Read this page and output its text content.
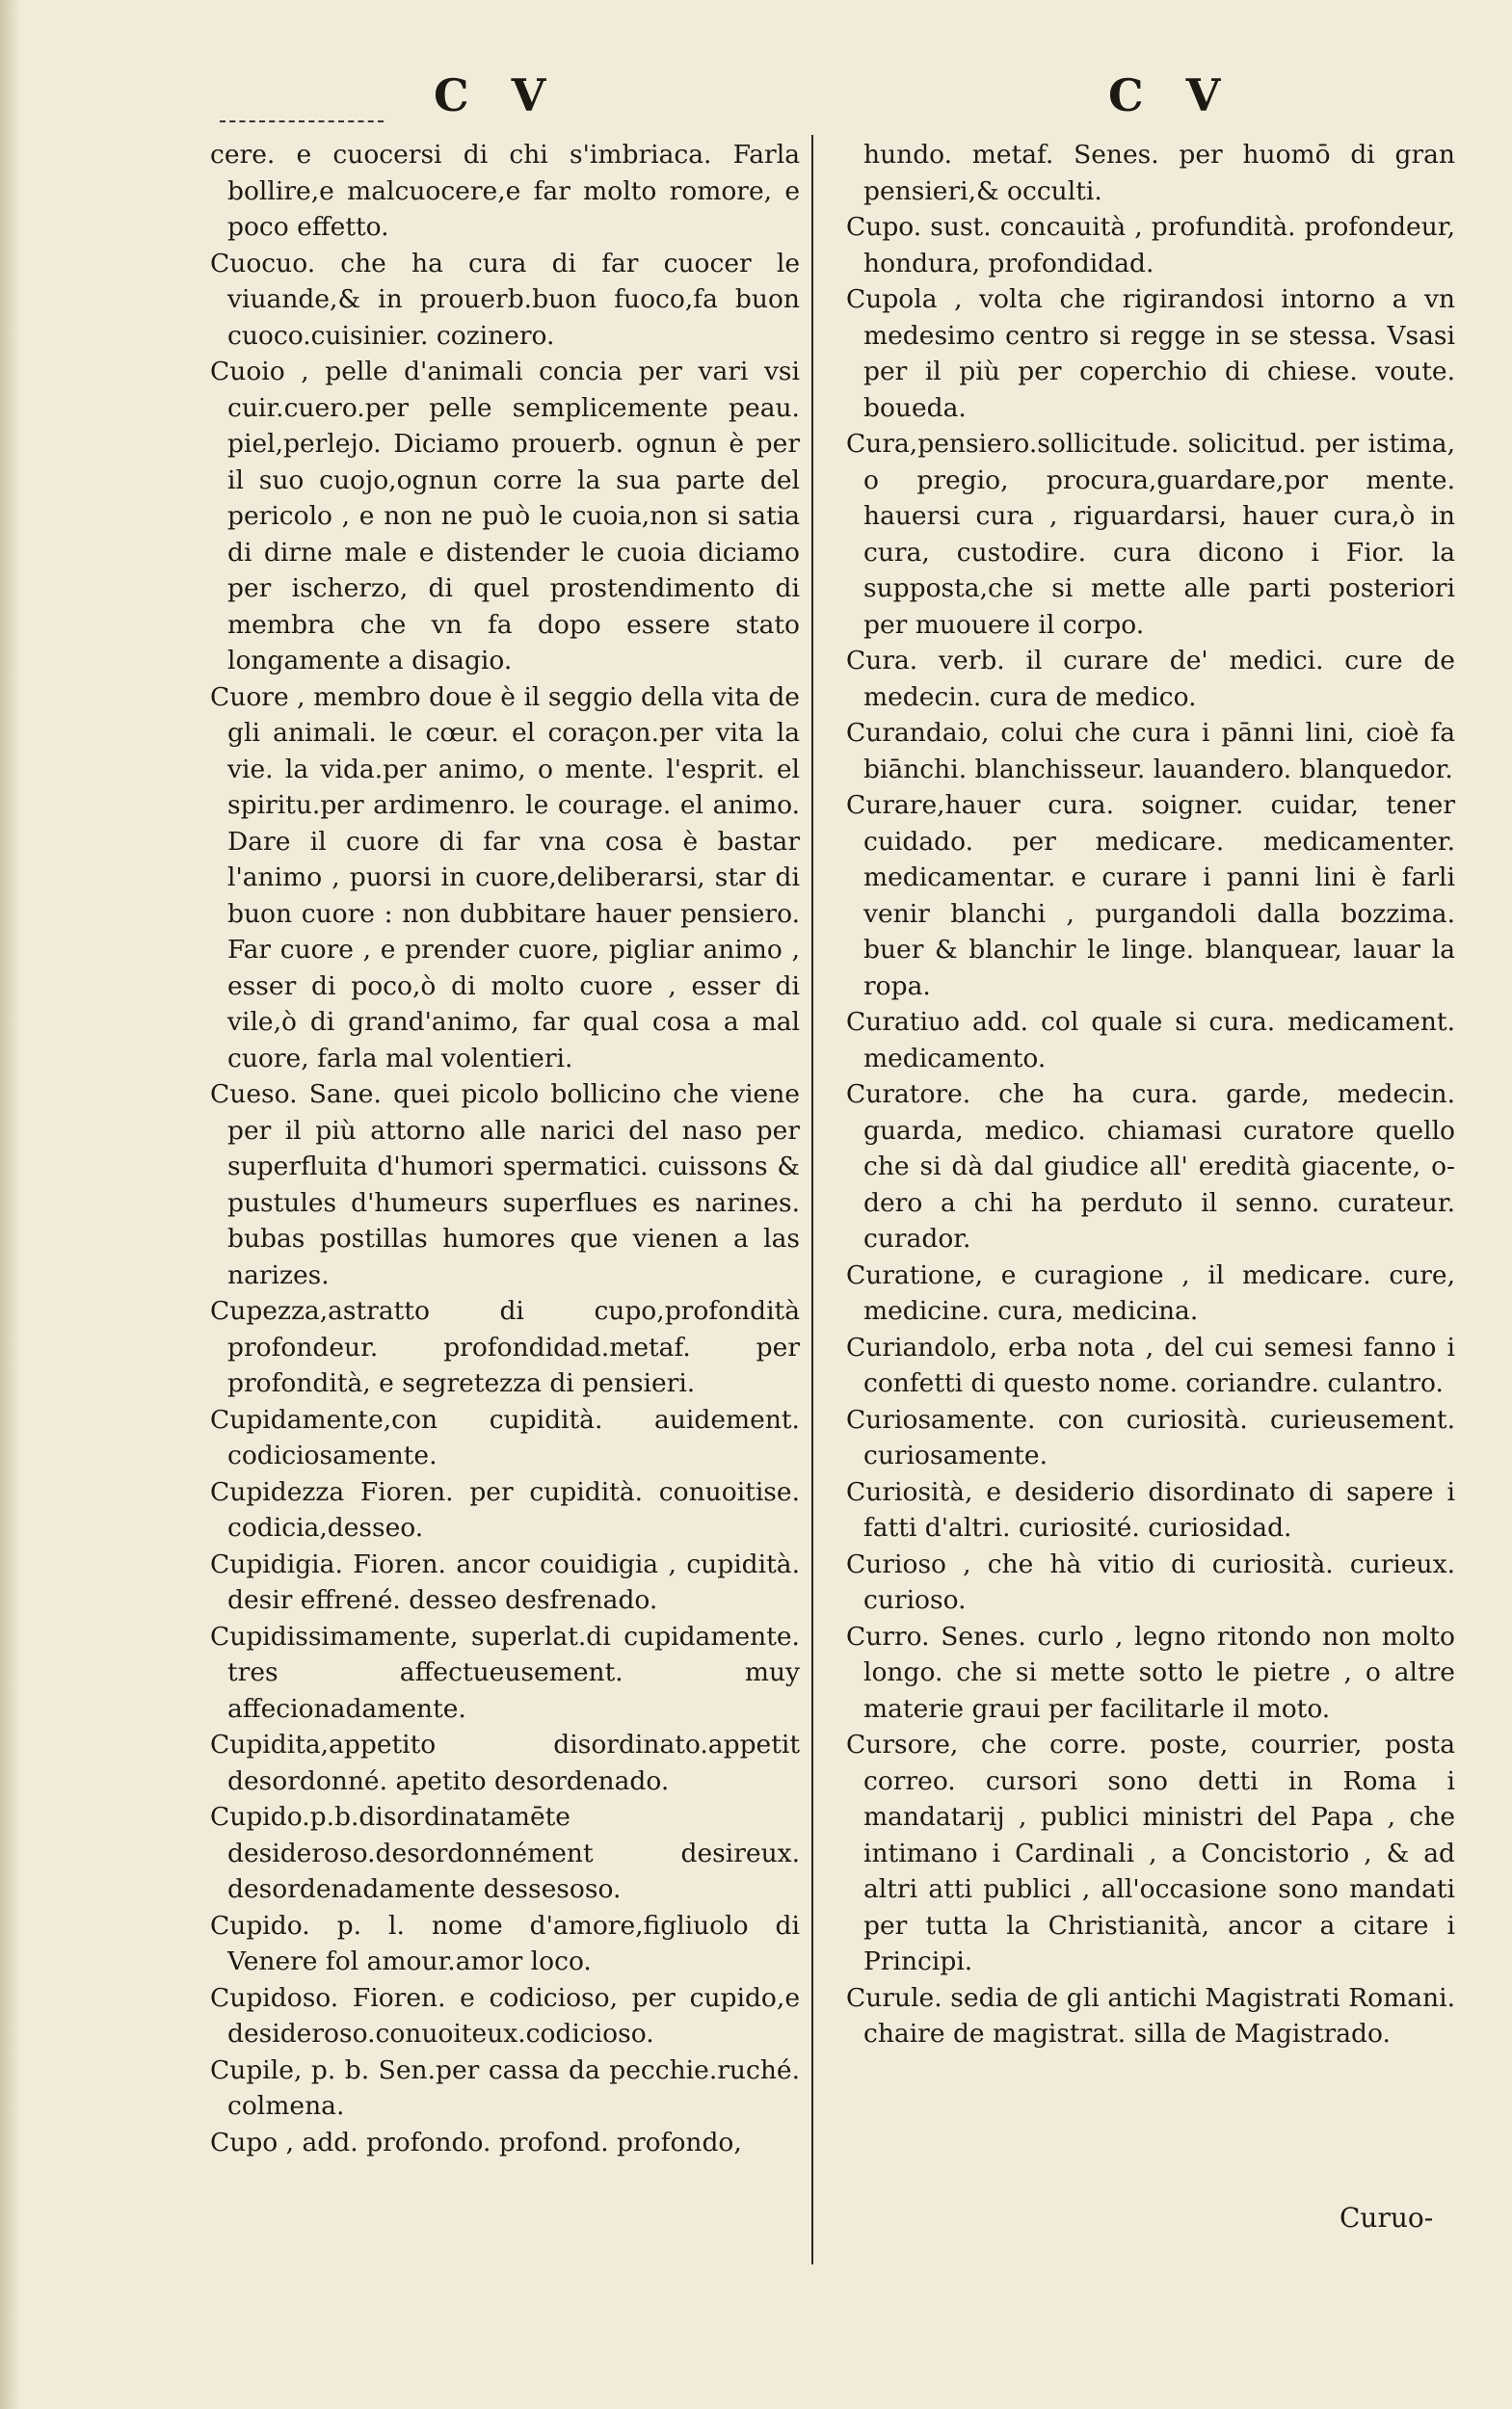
C V	C V

cere. e cuocersi di chi s'imbriaca. Farla bollire,e malcuocere,e far molto romore, e poco effetto.

Cuocuo. che ha cura di far cuocer le viuande,& in prouerb.buon fuoco,fa buon cuoco.cuisinier. cozinero.

Cuoio , pelle d'animali concia per vari vsi cuir.cuero.per pelle semplicemente peau. piel,perlejo. Diciamo prouerb. ognun è per il suo cuojo,ognun corre la sua parte del pericolo , e non ne può le cuoia,non si satia di dirne male e distender le cuoia diciamo per ischerzo, di quel prostendimento di membra che vn fa dopo essere stato longamente a disagio.

Cuore , membro doue è il seggio della vita de gli animali. le cœur. el coraçon.per vita la vie. la vida.per animo, o mente. l'esprit. el spiritu.per ardimenro. le courage. el animo. Dare il cuore di far vna cosa è bastar l'animo , puorsi in cuore,deliberarsi, star di buon cuore : non dubbitare hauer pensiero. Far cuore , e prender cuore, pigliar animo , esser di poco,ò di molto cuore , esser di vile,ò di grand'animo, far qual cosa a mal cuore, farla mal volentieri.

Cueso. Sane. quei picolo bollicino che viene per il più attorno alle narici del naso per superfluita d'humori spermatici. cuissons & pustules d'humeurs superflues es narines. bubas postillas humores que vienen a las narizes.

Cupezza,astratto di cupo,profondità profondeur. profondidad.metaf. per profondità, e segretezza di pensieri.

Cupidamente,con cupidità. auidement. codiciosamente.

Cupidezza Fioren. per cupidità. conuoitise. codicia,desseo.

Cupidigia. Fioren. ancor couidigia , cupidità. desir effrené. desseo desfrenado.

Cupidissimamente, superlat.di cupidamente. tres affectueusement. muy affecionadamente.

Cupidita,appetito disordinato.appetit desordonné. apetito desordenado.

Cupido.p.b.disordinatamēte desideroso.desordonnément desireux. desordenadamente dessesoso.

Cupido. p. l. nome d'amore,figliuolo di Venere fol amour.amor loco.

Cupidoso. Fioren. e codicioso, per cupido,e desideroso.conuoiteux.codicioso.

Cupile, p. b. Sen.per cassa da pecchie.ruché. colmena.

Cupo , add. profondo. profond. profondo,

hundo. metaf. Senes. per huomō di gran pensieri,& occulti.

Cupo. sust. concauità , profundità. profondeur, hondura, profondidad.

Cupola , volta che rigirandosi intorno a vn medesimo centro si regge in se stessa. Vsasi per il più per coperchio di chiese. voute. boueda.

Cura,pensiero.sollicitude. solicitud. per istima, o pregio, procura,guardare,por mente. hauersi cura , riguardarsi, hauer cura,ò in cura, custodire. cura dicono i Fior. la supposta,che si mette alle parti posteriori per muouere il corpo.

Cura. verb. il curare de' medici. cure de medecin. cura de medico.

Curandaio, colui che cura i pānni lini, cioè fa biānchi. blanchisseur. lauandero. blanquedor.

Curare,hauer cura. soigner. cuidar, tener cuidado. per medicare. medicamenter. medicamentar. e curare i panni lini è farli venir blanchi , purgandoli dalla bozzima. buer & blanchir le linge. blanquear, lauar la ropa.

Curatiuo add. col quale si cura. medicament. medicamento.

Curatore. che ha cura. garde, medecin. guarda, medico. chiamasi curatore quello che si dà dal giudice all' eredità giacente, o- dero a chi ha perduto il senno. curateur. curador.

Curatione, e curagione , il medicare. cure, medicine. cura, medicina.

Curiandolo, erba nota , del cui semesi fanno i confetti di questo nome. coriandre. culantro.

Curiosamente. con curiosità. curieusement. curiosamente.

Curiosità, e desiderio disordinato di sapere i fatti d'altri. curiosité. curiosidad.

Curioso , che hà vitio di curiosità. curieux. curioso.

Curro. Senes. curlo , legno ritondo non molto longo. che si mette sotto le pietre , o altre materie graui per facilitarle il moto.

Cursore, che corre. poste, courrier, posta correo. cursori sono detti in Roma i mandatarij , publici ministri del Papa , che intimano i Cardinali , a Concistorio , & ad altri atti publici , all'occasione sono mandati per tutta la Christianità, ancor a citare i Principi.

Curule. sedia de gli antichi Magistrati Romani. chaire de magistrat. silla de Magistrado.

Curuo-
